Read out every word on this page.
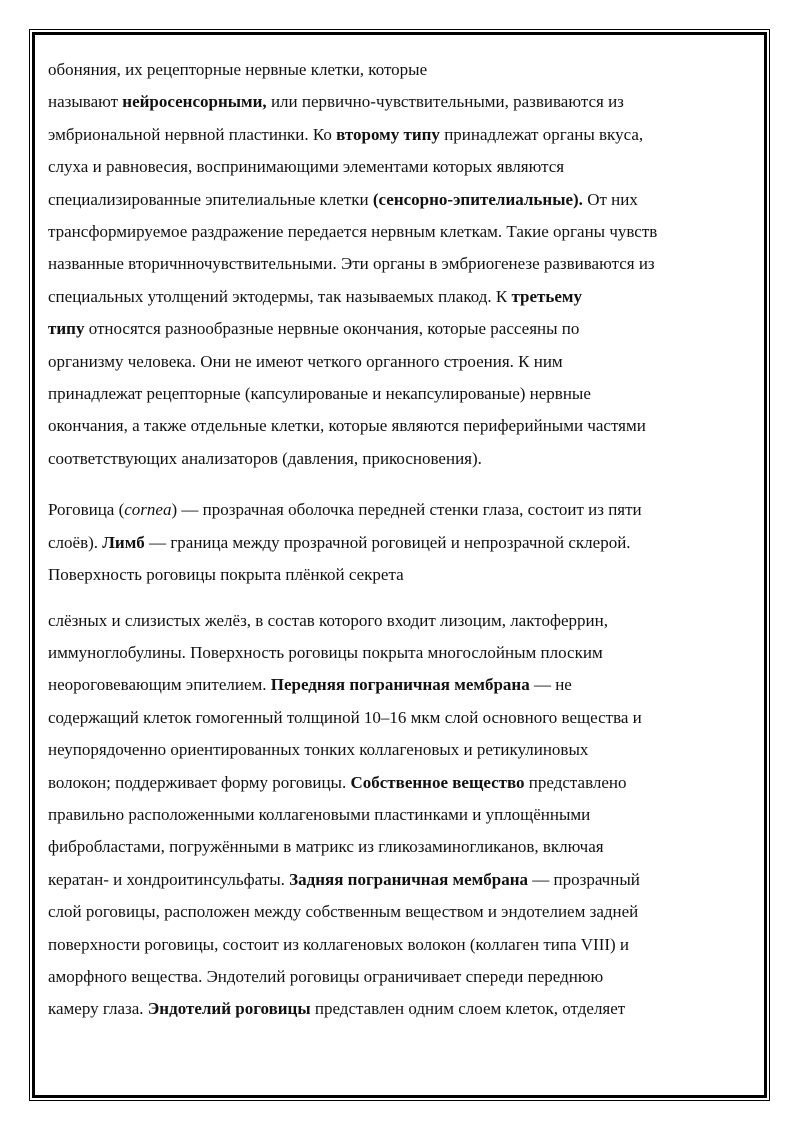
обоняния, их рецепторные нервные клетки, которые
называют нейросенсорными, или первично-чувствительными, развиваются из
эмбриональной нервной пластинки. Ко второму типу принадлежат органы вкуса,
слуха и равновесия, воспринимающими элементами которых являются
специализированные эпителиальные клетки (сенсорно-эпителиальные). От них
трансформируемое раздражение передается нервным клеткам. Такие органы чувств
названные вторичнночувствительными. Эти органы в эмбриогенезе развиваются из
специальных утолщений эктодермы, так называемых плакод. К третьему
типу относятся разнообразные нервные окончания, которые рассеяны по
организму человека. Они не имеют четкого органного строения. К ним
принадлежат рецепторные (капсулированые и некапсулированые) нервные
окончания, а также отдельные клетки, которые являются периферийными частями
соответствующих анализаторов (давления, прикосновения).
Роговица (cornea) — прозрачная оболочка передней стенки глаза, состоит из пяти
слоёв). Лимб — граница между прозрачной роговицей и непрозрачной склерой.
Поверхность роговицы покрыта плёнкой секрета
слёзных и слизистых желёз, в состав которого входит лизоцим, лактоферрин,
иммуноглобулины. Поверхность роговицы покрыта многослойным плоским
неороговевающим эпителием. Передняя пограничная мембрана — не
содержащий клеток гомогенный толщиной 10–16 мкм слой основного вещества и
неупорядоченно ориентированных тонких коллагеновых и ретикулиновых
волокон; поддерживает форму роговицы. Собственное вещество представлено
правильно расположенными коллагеновыми пластинками и уплощёнными
фибробластами, погружёнными в матрикс из гликозаминогликанов, включая
кератан- и хондроитинсульфаты. Задняя пограничная мембрана — прозрачный
слой роговицы, расположен между собственным веществом и эндотелием задней
поверхности роговицы, состоит из коллагеновых волокон (коллаген типа VIII) и
аморфного вещества. Эндотелий роговицы ограничивает спереди переднюю
камеру глаза. Эндотелий роговицы представлен одним слоем клеток, отделяет
